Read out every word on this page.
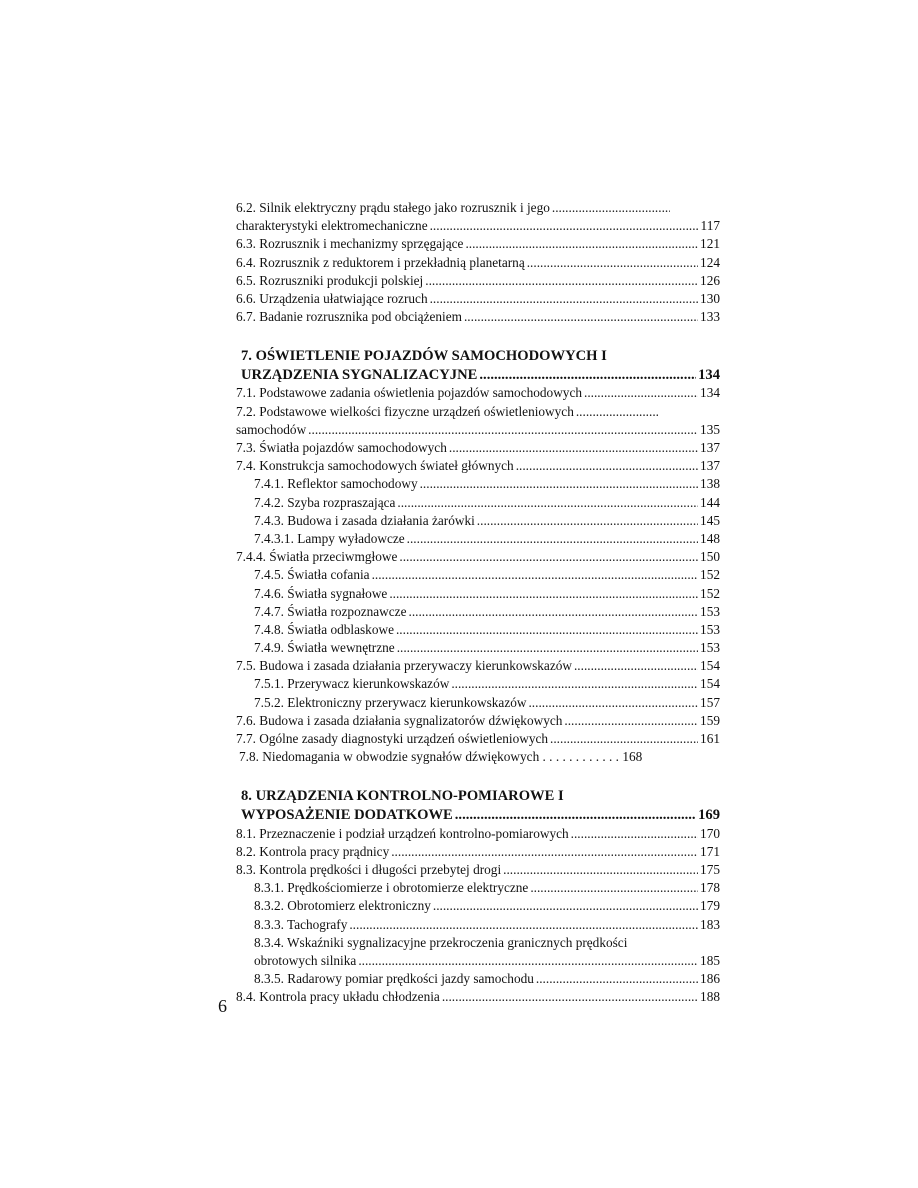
6.2. Silnik elektryczny prądu stałego jako rozrusznik i jego
.....
charakterystyki elektromechaniczne .....	117
6.3. Rozrusznik i mechanizmy sprzęgające .....	121
6.4. Rozrusznik z reduktorem i przekładnią planetarną .....	124
6.5. Rozruszniki produkcji polskiej .....	126
6.6. Urządzenia ułatwiające rozruch .....	130
6.7. Badanie rozrusznika pod obciążeniem .....	133
7. OŚWIETLENIE POJAZDÓW SAMOCHODOWYCH I
URZĄDZENIA SYGNALIZACYJNE .....	134
7.1. Podstawowe zadania oświetlenia pojazdów samochodowych .....	134
7.2. Podstawowe wielkości fizyczne urządzeń oświetleniowych
.....
samochodów .....	135
7.3. Światła pojazdów samochodowych .....	137
7.4. Konstrukcja samochodowych świateł głównych .....	137
7.4.1. Reflektor samochodowy .....	138
7.4.2. Szyba rozpraszająca .....	144
7.4.3. Budowa i zasada działania żarówki .....	145
7.4.3.1. Lampy wyładowcze .....	148
7.4.4. Światła przeciwmgłowe .....	150
7.4.5. Światła cofania .....	152
7.4.6. Światła sygnałowe .....	152
7.4.7. Światła rozpoznawcze .....	153
7.4.8. Światła odblaskowe .....	153
7.4.9. Światła wewnętrzne .....	153
7.5. Budowa i zasada działania przerywaczy kierunkowskazów .....	154
7.5.1. Przerywacz kierunkowskazów .....	154
7.5.2. Elektroniczny przerywacz kierunkowskazów .....	157
7.6. Budowa i zasada działania sygnalizatorów dźwiękowych .....	159
7.7. Ogólne zasady diagnostyki urządzeń oświetleniowych .....	161
7.8. Niedomagania w obwodzie sygnałów dźwiękowych . . . . . . . . . . . . 168
8. URZĄDZENIA KONTROLNO-POMIAROWE I
WYPOSAŻENIE DODATKOWE .....	169
8.1. Przeznaczenie i podział urządzeń kontrolno-pomiarowych .....	170
8.2. Kontrola pracy prądnicy .....	171
8.3. Kontrola prędkości i długości przebytej drogi .....	175
8.3.1. Prędkościomierze i obrotomierze elektryczne .....	178
8.3.2. Obrotomierz elektroniczny .....	179
8.3.3. Tachografy .....	183
8.3.4. Wskaźniki sygnalizacyjne przekroczenia granicznych prędkości
obrotowych silnika .....	185
8.3.5. Radarowy pomiar prędkości jazdy samochodu .....	186
8.4. Kontrola pracy układu chłodzenia .....	188
6
